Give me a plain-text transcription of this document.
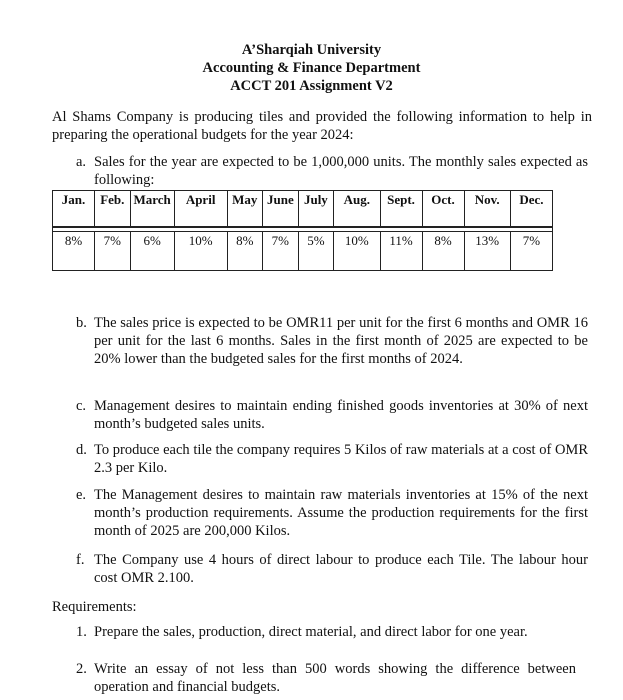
A’Sharqiah University
Accounting & Finance Department
ACCT 201 Assignment V2
Al Shams Company is producing tiles and provided the following information to help in preparing the operational budgets for the year 2024:
a. Sales for the year are expected to be 1,000,000 units. The monthly sales expected as following:
Jan.	Feb.	March	April	May	June	July	Aug.	Sept.	Oct.	Nov.	Dec.

8%	7%	6%	10%	8%	7%	5%	10%	11%	8%	13%	7%
b. The sales price is expected to be OMR11 per unit for the first 6 months and OMR 16 per unit for the last 6 months. Sales in the first month of 2025 are expected to be 20% lower than the budgeted sales for the first months of 2024.
c. Management desires to maintain ending finished goods inventories at 30% of next month’s budgeted sales units.
d. To produce each tile the company requires 5 Kilos of raw materials at a cost of OMR 2.3 per Kilo.
e. The Management desires to maintain raw materials inventories at 15% of the next month’s production requirements. Assume the production requirements for the first month of 2025 are 200,000 Kilos.
f. The Company use 4 hours of direct labour to produce each Tile. The labour hour cost OMR 2.100.
Requirements:
1. Prepare the sales, production, direct material, and direct labor for one year.
2. Write an essay of not less than 500 words showing the difference between operation and financial budgets.
